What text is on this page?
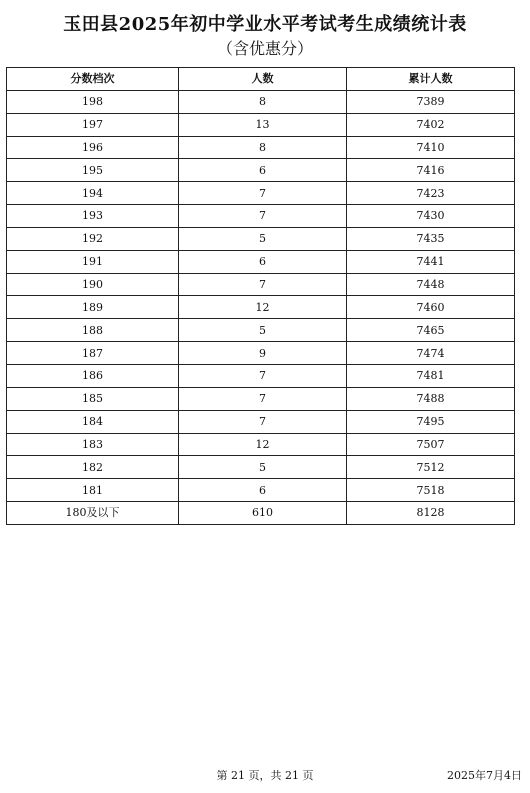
玉田县2025年初中学业水平考试考生成绩统计表
（含优惠分）
分数档次	人数	累计人数
198	8	7389
197	13	7402
196	8	7410
195	6	7416
194	7	7423
193	7	7430
192	5	7435
191	6	7441
190	7	7448
189	12	7460
188	5	7465
187	9	7474
186	7	7481
185	7	7488
184	7	7495
183	12	7507
182	5	7512
181	6	7518
180及以下	610	8128
第 21 页，共 21 页	2025年7月4日
